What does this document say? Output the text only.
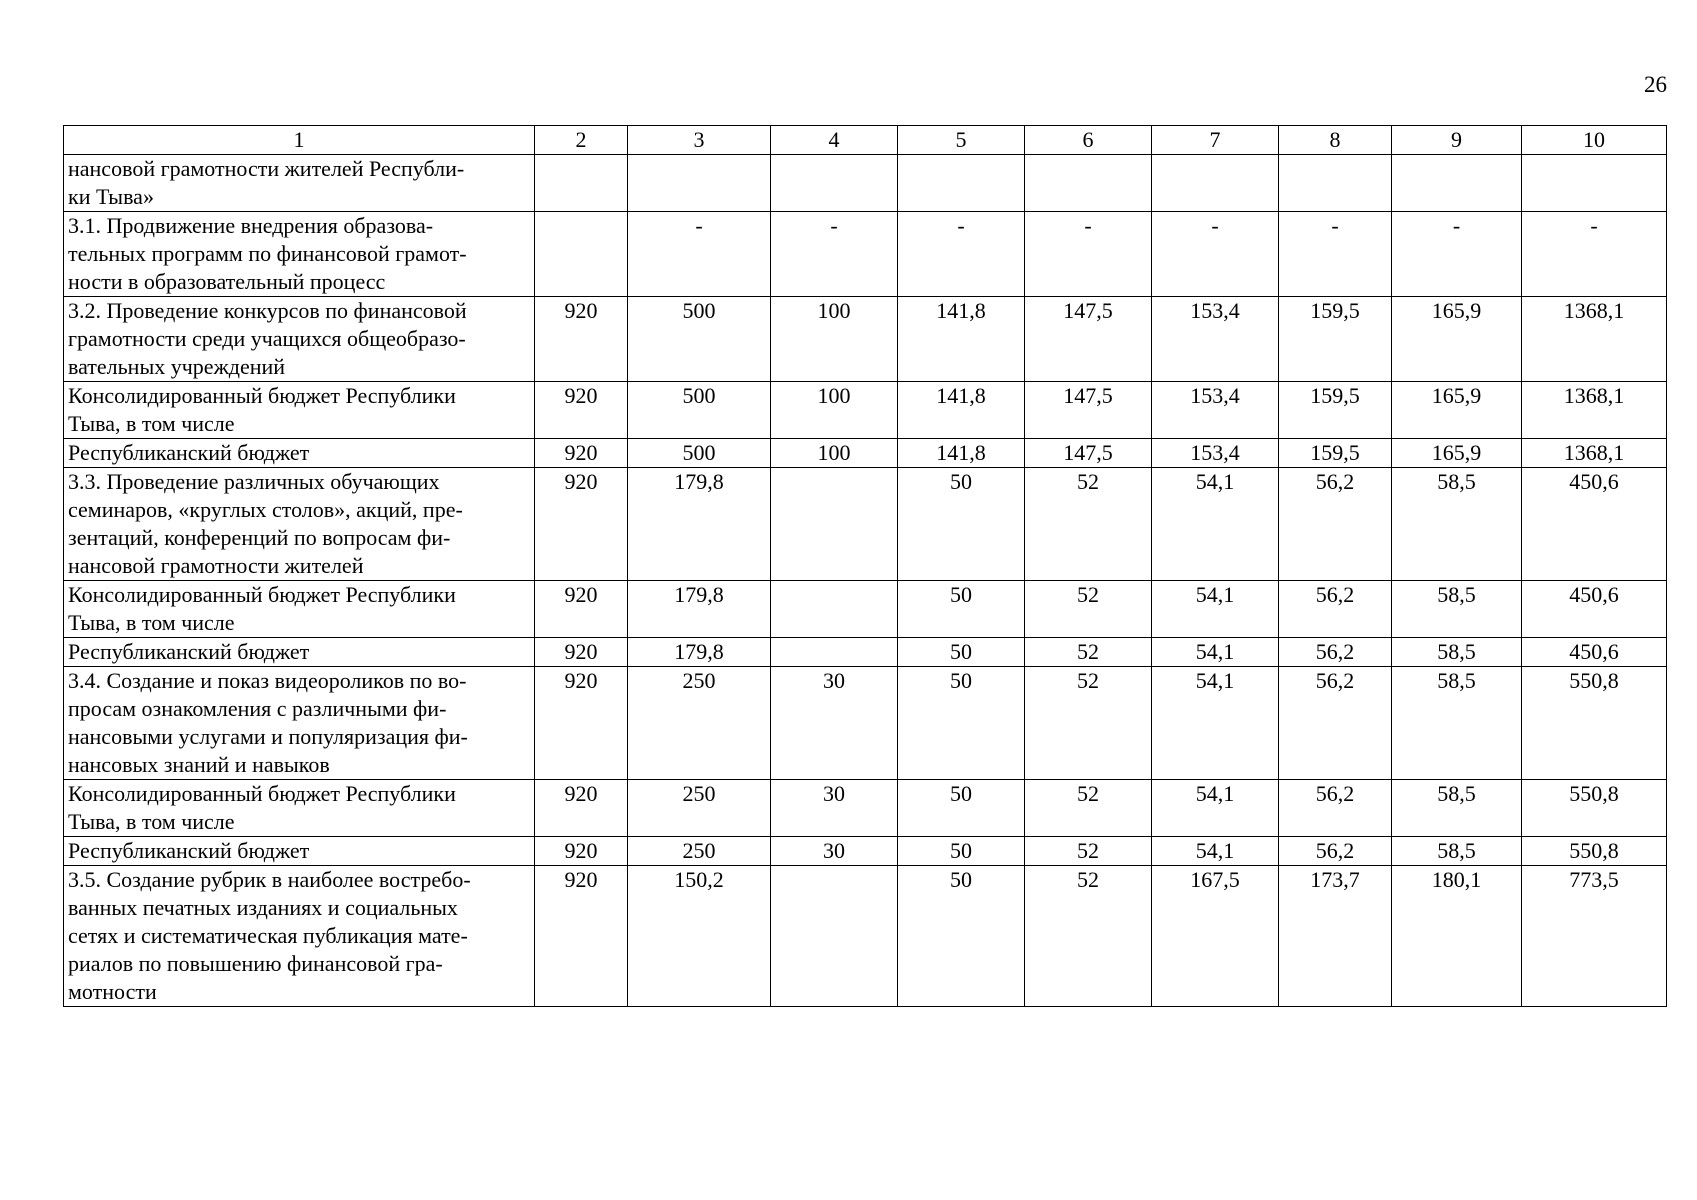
26
1	2	3	4	5	6	7	8	9	10
нансовой грамотности жителей Республи-
ки Тыва»									
3.1. Продвижение внедрения образова-
тельных программ по финансовой грамот-
ности в образовательный процесс		-	-	-	-	-	-	-	-
3.2. Проведение конкурсов по финансовой
грамотности среди учащихся общеобразо-
вательных учреждений	920	500	100	141,8	147,5	153,4	159,5	165,9	1368,1
Консолидированный бюджет Республики
Тыва, в том числе	920	500	100	141,8	147,5	153,4	159,5	165,9	1368,1
Республиканский бюджет	920	500	100	141,8	147,5	153,4	159,5	165,9	1368,1
3.3. Проведение различных обучающих
семинаров, «круглых столов», акций, пре-
зентаций, конференций по вопросам фи-
нансовой грамотности жителей	920	179,8		50	52	54,1	56,2	58,5	450,6
Консолидированный бюджет Республики
Тыва, в том числе	920	179,8		50	52	54,1	56,2	58,5	450,6
Республиканский бюджет	920	179,8		50	52	54,1	56,2	58,5	450,6
3.4. Создание и показ видеороликов по во-
просам ознакомления с различными фи-
нансовыми услугами и популяризация фи-
нансовых знаний и навыков	920	250	30	50	52	54,1	56,2	58,5	550,8
Консолидированный бюджет Республики
Тыва, в том числе	920	250	30	50	52	54,1	56,2	58,5	550,8
Республиканский бюджет	920	250	30	50	52	54,1	56,2	58,5	550,8
3.5. Создание рубрик в наиболее востребо-
ванных печатных изданиях и социальных
сетях и систематическая публикация мате-
риалов по повышению финансовой гра-
мотности	920	150,2		50	52	167,5	173,7	180,1	773,5
